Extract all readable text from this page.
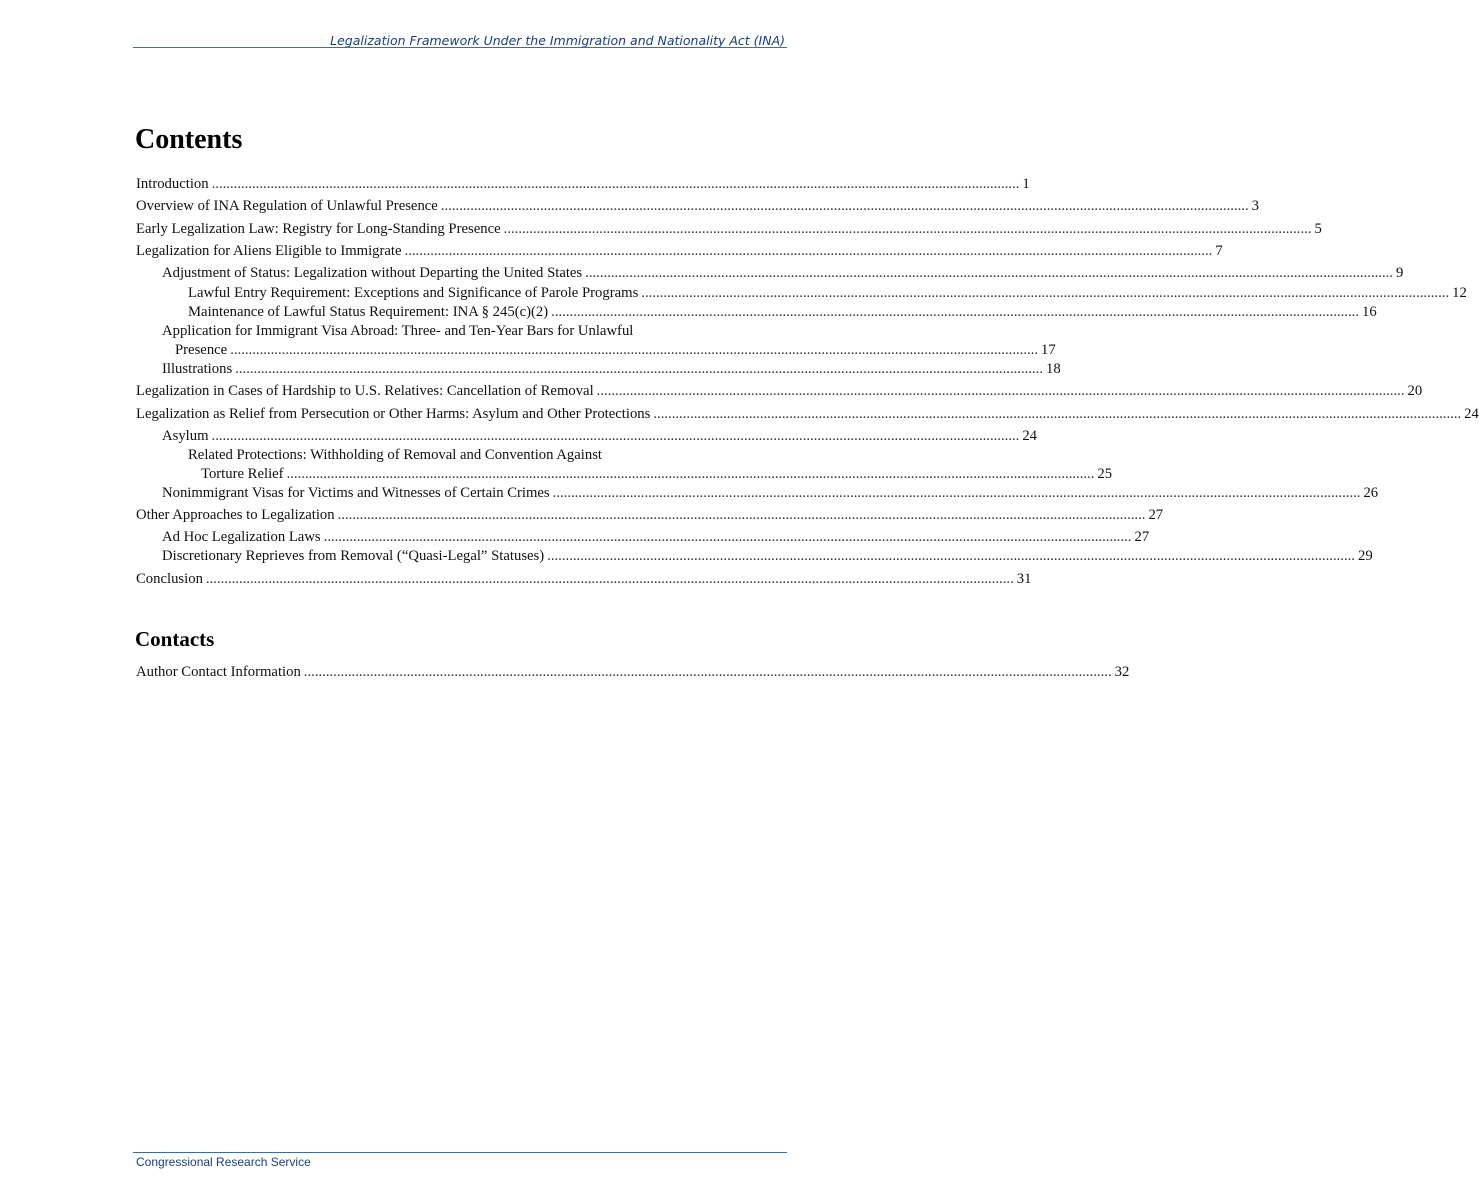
Legalization Framework Under the Immigration and Nationality Act (INA)
Contents
Introduction ............................................................................................................................................................................................................................ 1
Overview of INA Regulation of Unlawful Presence ............................................................................................................................................................................................................................ 3
Early Legalization Law: Registry for Long-Standing Presence ............................................................................................................................................................................................................................ 5
Legalization for Aliens Eligible to Immigrate ............................................................................................................................................................................................................................ 7
Adjustment of Status: Legalization without Departing the United States ............................................................................................................................................................................................................................ 9
Lawful Entry Requirement: Exceptions and Significance of Parole Programs ............................................................................................................................................................................................................................ 12
Maintenance of Lawful Status Requirement: INA § 245(c)(2) ............................................................................................................................................................................................................................ 16
Application for Immigrant Visa Abroad: Three- and Ten-Year Bars for Unlawful
Presence ............................................................................................................................................................................................................................ 17
Illustrations ............................................................................................................................................................................................................................ 18
Legalization in Cases of Hardship to U.S. Relatives: Cancellation of Removal ............................................................................................................................................................................................................................ 20
Legalization as Relief from Persecution or Other Harms: Asylum and Other Protections ............................................................................................................................................................................................................................ 24
Asylum ............................................................................................................................................................................................................................ 24
Related Protections: Withholding of Removal and Convention Against
Torture Relief ............................................................................................................................................................................................................................ 25
Nonimmigrant Visas for Victims and Witnesses of Certain Crimes ............................................................................................................................................................................................................................ 26
Other Approaches to Legalization ............................................................................................................................................................................................................................ 27
Ad Hoc Legalization Laws ............................................................................................................................................................................................................................ 27
Discretionary Reprieves from Removal (“Quasi-Legal” Statuses) ............................................................................................................................................................................................................................ 29
Conclusion ............................................................................................................................................................................................................................ 31
Contacts
Author Contact Information ............................................................................................................................................................................................................................ 32
Congressional Research Service
